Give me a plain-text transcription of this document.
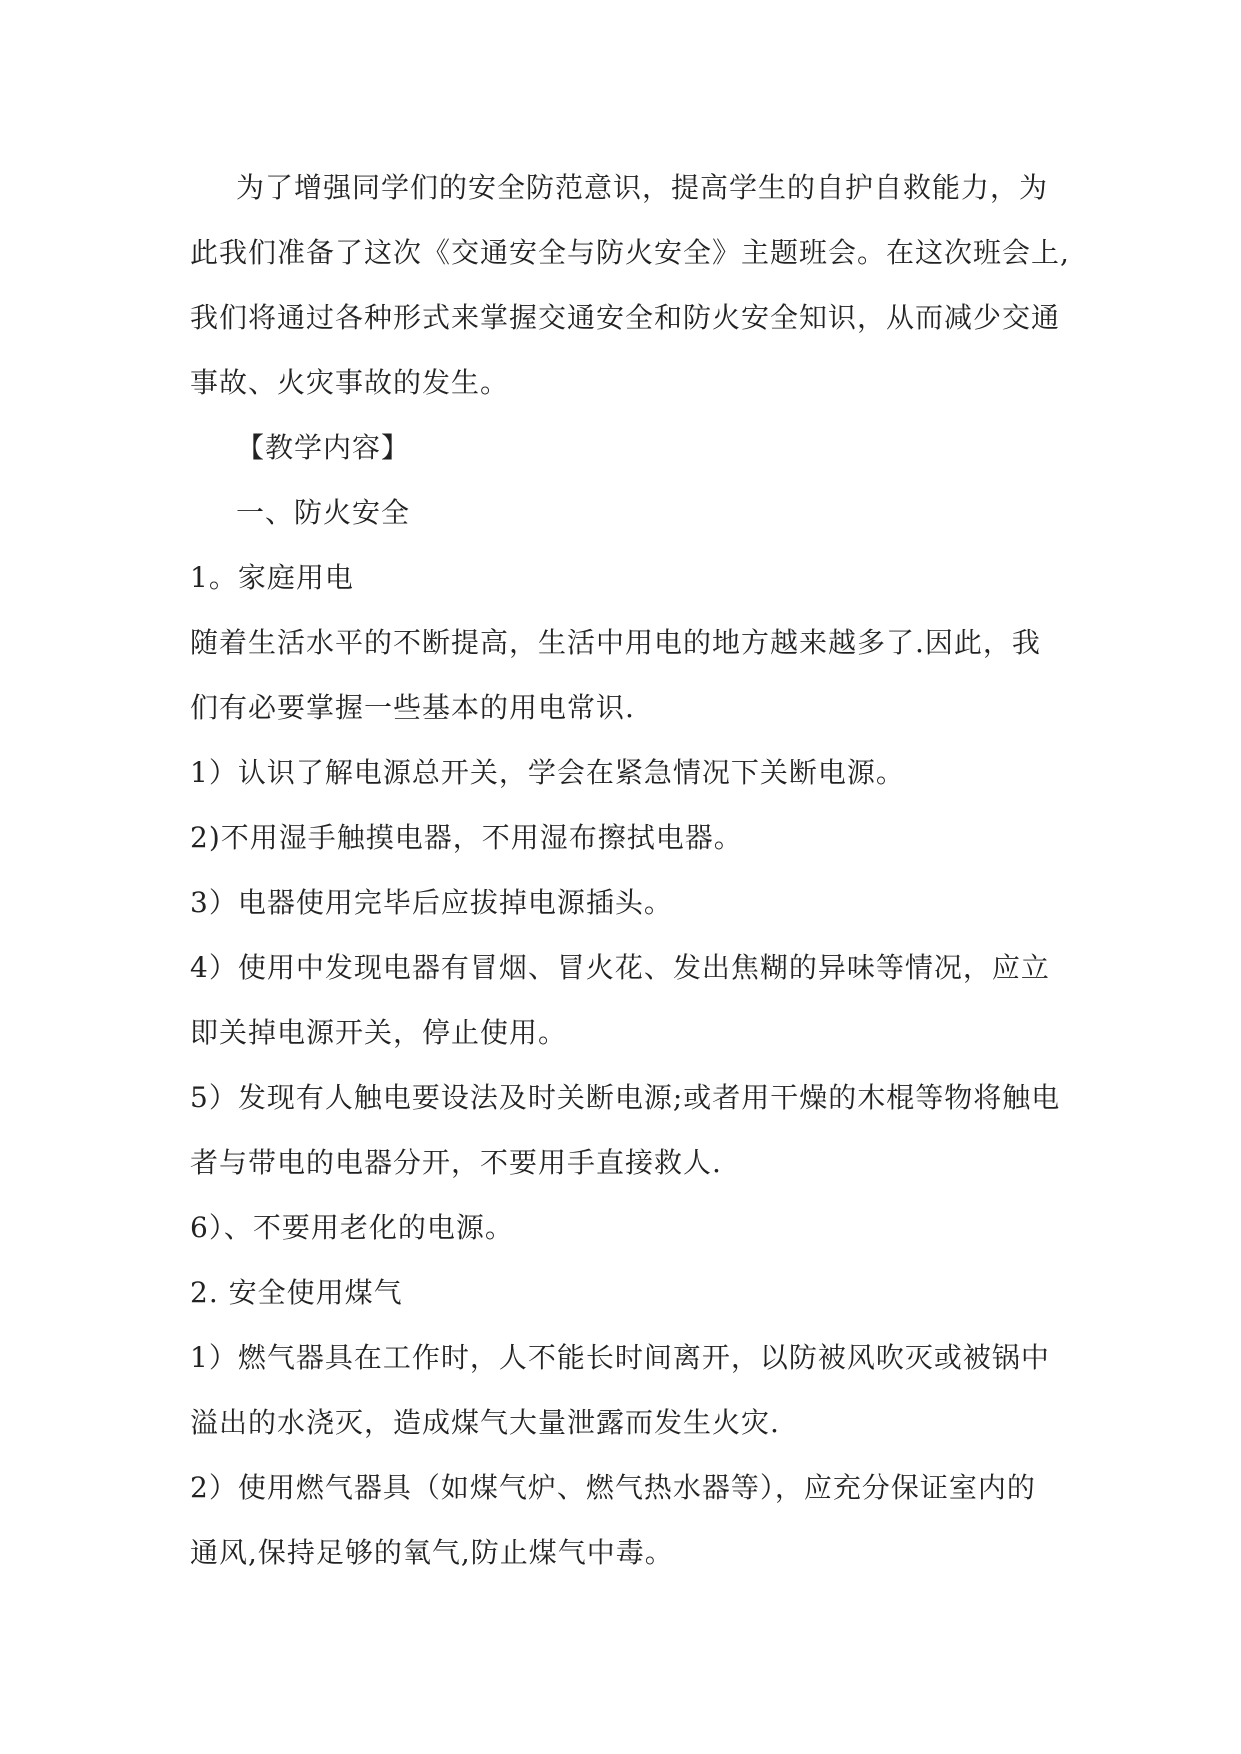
为了增强同学们的安全防范意识，提高学生的自护自救能力，为
此我们准备了这次《交通安全与防火安全》主题班会。在这次班会上,
我们将通过各种形式来掌握交通安全和防火安全知识，从而减少交通
事故、火灾事故的发生。
【教学内容】
一、防火安全
1。家庭用电
随着生活水平的不断提高，生活中用电的地方越来越多了.因此，我
们有必要掌握一些基本的用电常识.
1）认识了解电源总开关，学会在紧急情况下关断电源。
2)不用湿手触摸电器，不用湿布擦拭电器。
3）电器使用完毕后应拔掉电源插头。
4）使用中发现电器有冒烟、冒火花、发出焦糊的异味等情况，应立
即关掉电源开关，停止使用。
5）发现有人触电要设法及时关断电源;或者用干燥的木棍等物将触电
者与带电的电器分开，不要用手直接救人.
6）、不要用老化的电源。
2. 安全使用煤气
1）燃气器具在工作时，人不能长时间离开，以防被风吹灭或被锅中
溢出的水浇灭，造成煤气大量泄露而发生火灾.
2）使用燃气器具（如煤气炉、燃气热水器等），应充分保证室内的
通风,保持足够的氧气,防止煤气中毒。
